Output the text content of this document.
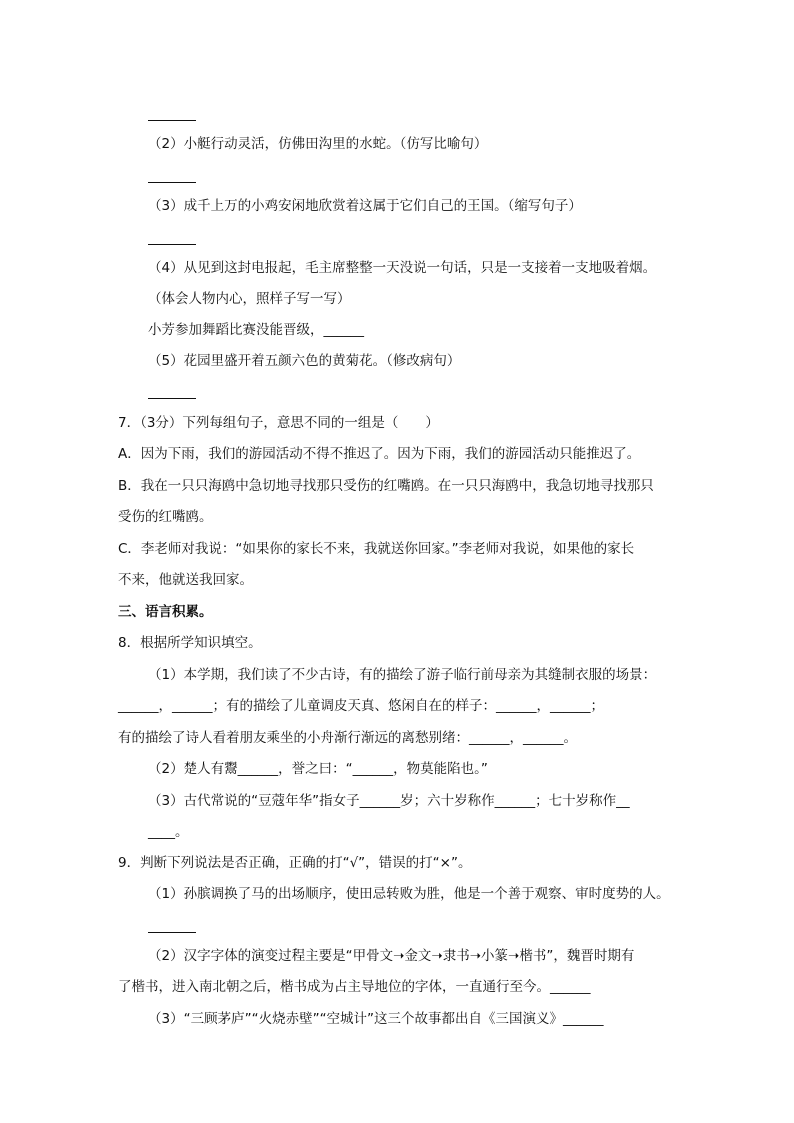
（2）小艇行动灵活，仿佛田沟里的水蛇。（仿写比喻句）
（3）成千上万的小鸡安闲地欣赏着这属于它们自己的王国。（缩写句子）
（4）从见到这封电报起，毛主席整整一天没说一句话，只是一支接着一支地吸着烟。
（体会人物内心，照样子写一写）
小芳参加舞蹈比赛没能晋级，______
（5）花园里盛开着五颜六色的黄菊花。（修改病句）
7．（3分）下列每组句子，意思不同的一组是（　　）
A．因为下雨，我们的游园活动不得不推迟了。因为下雨，我们的游园活动只能推迟了。
B．我在一只只海鸥中急切地寻找那只受伤的红嘴鸥。在一只只海鸥中，我急切地寻找那只
受伤的红嘴鸥。
C．李老师对我说：“如果你的家长不来，我就送你回家。”李老师对我说，如果他的家长
不来，他就送我回家。
三、语言积累。
8．根据所学知识填空。
（1）本学期，我们读了不少古诗，有的描绘了游子临行前母亲为其缝制衣服的场景：
______，______；有的描绘了儿童调皮天真、悠闲自在的样子：______，______；
有的描绘了诗人看着朋友乘坐的小舟渐行渐远的离愁别绪：______，______。
（2）楚人有鬻______，誉之曰：“______，物莫能陷也。”
（3）古代常说的“豆蔻年华”指女子______岁；六十岁称作______；七十岁称作__
____。
9．判断下列说法是否正确，正确的打“√”，错误的打“×”。
（1）孙膑调换了马的出场顺序，使田忌转败为胜，他是一个善于观察、审时度势的人。
（2）汉字字体的演变过程主要是“甲骨文➝金文➝隶书➝小篆➝楷书”，魏晋时期有
了楷书，进入南北朝之后，楷书成为占主导地位的字体，一直通行至今。______
（3）“三顾茅庐”“火烧赤壁”“空城计”这三个故事都出自《三国演义》______
